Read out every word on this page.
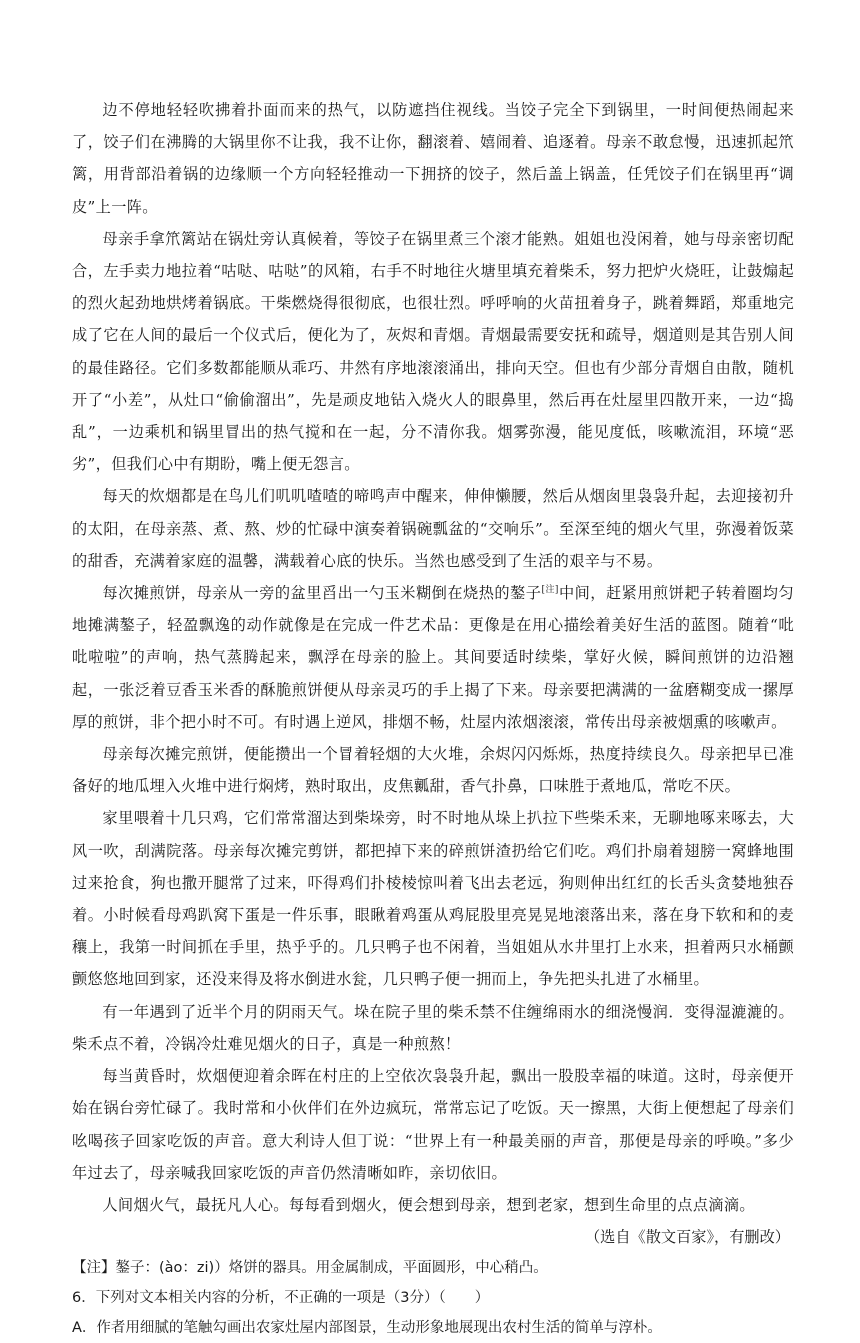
边不停地轻轻吹拂着扑面而来的热气，以防遮挡住视线。当饺子完全下到锅里，一时间便热闹起来了，饺子们在沸腾的大锅里你不让我，我不让你，翻滚着、嬉闹着、追逐着。母亲不敢怠慢，迅速抓起笊篱，用背部沿着锅的边缘顺一个方向轻轻推动一下拥挤的饺子，然后盖上锅盖，任凭饺子们在锅里再“调皮”上一阵。

母亲手拿笊篱站在锅灶旁认真候着，等饺子在锅里煮三个滚才能熟。姐姐也没闲着，她与母亲密切配合，左手卖力地拉着“咕哒、咕哒”的风箱，右手不时地往火塘里填充着柴禾，努力把炉火烧旺，让鼓煽起的烈火起劲地烘烤着锅底。干柴燃烧得很彻底，也很壮烈。呼呼响的火苗扭着身子，跳着舞蹈，郑重地完成了它在人间的最后一个仪式后，便化为了，灰烬和青烟。青烟最需要安抚和疏导，烟道则是其告别人间的最佳路径。它们多数都能顺从乖巧、井然有序地滚滚涌出，排向天空。但也有少部分青烟自由散，随机开了“小差”，从灶口“偷偷溜出”，先是顽皮地钻入烧火人的眼鼻里，然后再在灶屋里四散开来，一边“捣乱”，一边乘机和锅里冒出的热气搅和在一起，分不清你我。烟雾弥漫，能见度低，咳嗽流泪，环境“恶劣”，但我们心中有期盼，嘴上便无怨言。

每天的炊烟都是在鸟儿们叽叽喳喳的啼鸣声中醒来，伸伸懒腰，然后从烟囱里袅袅升起，去迎接初升的太阳，在母亲蒸、煮、熬、炒的忙碌中演奏着锅碗瓢盆的“交响乐”。至深至纯的烟火气里，弥漫着饭菜的甜香，充满着家庭的温馨，满载着心底的快乐。当然也感受到了生活的艰辛与不易。

每次摊煎饼，母亲从一旁的盆里舀出一勺玉米糊倒在烧热的鏊子[注]中间，赶紧用煎饼耙子转着圈均匀地摊满鏊子，轻盈飘逸的动作就像是在完成一件艺术品：更像是在用心描绘着美好生活的蓝图。随着“吡吡啦啦”的声响，热气蒸腾起来，飘浮在母亲的脸上。其间要适时续柴，掌好火候，瞬间煎饼的边沿翘起，一张泛着豆香玉米香的酥脆煎饼便从母亲灵巧的手上揭了下来。母亲要把满满的一盆磨糊变成一摞厚厚的煎饼，非个把小时不可。有时遇上逆风，排烟不畅，灶屋内浓烟滚滚，常传出母亲被烟熏的咳嗽声。

母亲每次摊完煎饼，便能攒出一个冒着轻烟的大火堆，余烬闪闪烁烁，热度持续良久。母亲把早已准备好的地瓜埋入火堆中进行焖烤，熟时取出，皮焦瓤甜，香气扑鼻，口味胜于煮地瓜，常吃不厌。

家里喂着十几只鸡，它们常常溜达到柴垛旁，时不时地从垛上扒拉下些柴禾来，无聊地啄来啄去，大风一吹，刮满院落。母亲每次摊完剪饼，都把掉下来的碎煎饼渣扔给它们吃。鸡们扑扇着翅膀一窝蜂地围过来抢食，狗也撒开腿常了过来，吓得鸡们扑棱棱惊叫着飞出去老远，狗则伸出红红的长舌头贪婪地独吞着。小时候看母鸡趴窝下蛋是一件乐事，眼瞅着鸡蛋从鸡屁股里亮晃晃地滚落出来，落在身下软和和的麦穰上，我第一时间抓在手里，热乎乎的。几只鸭子也不闲着，当姐姐从水井里打上水来，担着两只水桶颤颤悠悠地回到家，还没来得及将水倒进水瓮，几只鸭子便一拥而上，争先把头扎进了水桶里。

有一年遇到了近半个月的阴雨天气。垛在院子里的柴禾禁不住缠绵雨水的细浇慢润．变得湿漉漉的。柴禾点不着，冷锅冷灶难见烟火的日子，真是一种煎熬！

每当黄昏时，炊烟便迎着余晖在村庄的上空依次袅袅升起，飘出一股股幸福的味道。这时，母亲便开始在锅台旁忙碌了。我时常和小伙伴们在外边疯玩，常常忘记了吃饭。天一擦黑，大街上便想起了母亲们吆喝孩子回家吃饭的声音。意大利诗人但丁说：“世界上有一种最美丽的声音，那便是母亲的呼唤。”多少年过去了，母亲喊我回家吃饭的声音仍然清晰如昨，亲切依旧。

人间烟火气，最抚凡人心。每每看到烟火，便会想到母亲，想到老家，想到生命里的点点滴滴。

（选自《散文百家》，有删改）

【注】鏊子：(ào：zi)）烙饼的器具。用金属制成，平面圆形，中心稍凸。

6．下列对文本相关内容的分析，不正确的一项是（3分）（　　）

A．作者用细腻的笔触勾画出农家灶屋内部图景，生动形象地展现出农村生活的简单与淳朴。
